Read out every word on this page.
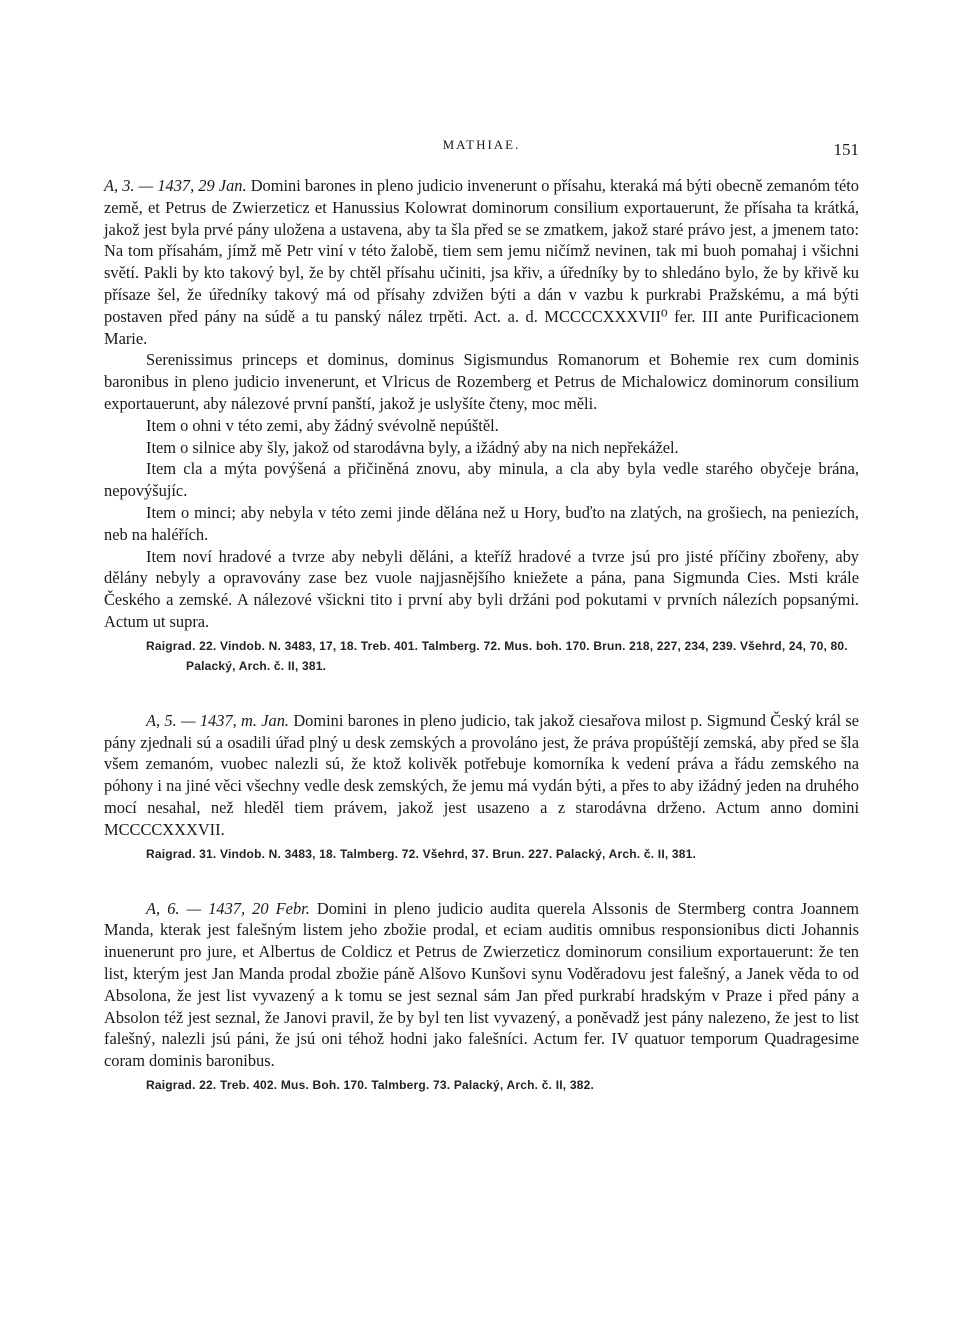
MATHIAE.	151

A, 3. — 1437, 29 Jan. Domini barones in pleno judicio invenerunt o přísahu, kteraká má býti obecně zemanóm této země, et Petrus de Zwierzeticz et Hanussius Kolowrat dominorum consilium exportauerunt, že přísaha ta krátká, jakož jest byla prvé pány uložena a ustavena, aby ta šla před se se zmatkem, jakož staré právo jest, a jmenem tato: Na tom přísahám, jímž mě Petr viní v této žalobě, tiem sem jemu ničímž nevinen, tak mi buoh pomahaj i všichni světí. Pakli by kto takový byl, že by chtěl přísahu učiniti, jsa křiv, a úředníky by to shledáno bylo, že by křivě ku přísaze šel, že úředníky takový má od přísahy zdvižen býti a dán v vazbu k purkrabi Pražskému, a má býti postaven před pány na súdě a tu panský nález trpěti. Act. a. d. MCCCCXXXVII⁰ fer. III ante Purificacionem Marie.

Serenissimus princeps et dominus, dominus Sigismundus Romanorum et Bohemie rex cum dominis baronibus in pleno judicio invenerunt, et Vlricus de Rozemberg et Petrus de Michalowicz dominorum consilium exportauerunt, aby nálezové první panští, jakož je uslyšíte čteny, moc měli.

Item o ohni v této zemi, aby žádný svévolně nepúštěl.

Item o silnice aby šly, jakož od starodávna byly, a ižádný aby na nich nepřekážel.

Item cla a mýta povýšená a přičiněná znovu, aby minula, a cla aby byla vedle starého obyčeje brána, nepovýšujíc.

Item o minci; aby nebyla v této zemi jinde dělána než u Hory, buďto na zlatých, na grošiech, na peniezích, neb na haléřích.

Item noví hradové a tvrze aby nebyli děláni, a kteříž hradové a tvrze jsú pro jisté příčiny zbořeny, aby dělány nebyly a opravovány zase bez vuole najjasnějšího kniežete a pána, pana Sigmunda Cies. Msti krále Českého a zemské. A nálezové všickni tito i první aby byli držáni pod pokutami v prvních nálezích popsanými. Actum ut supra.

Raigrad. 22. Vindob. N. 3483, 17, 18. Treb. 401. Talmberg. 72. Mus. boh. 170. Brun. 218, 227, 234, 239. Všehrd, 24, 70, 80. Palacký, Arch. č. II, 381.

A, 5. — 1437, m. Jan. Domini barones in pleno judicio, tak jakož ciesařova milost p. Sigmund Český král se pány zjednali sú a osadili úřad plný u desk zemských a provoláno jest, že práva propúštějí zemská, aby před se šla všem zemanóm, vuobec nalezli sú, že ktož kolivěk potřebuje komorníka k vedení práva a řádu zemského na póhony i na jiné věci všechny vedle desk zemských, že jemu má vydán býti, a přes to aby ižádný jeden na druhého mocí nesahal, než hleděl tiem právem, jakož jest usazeno a z starodávna drženo. Actum anno domini MCCCCXXXVII.

Raigrad. 31. Vindob. N. 3483, 18. Talmberg. 72. Všehrd, 37. Brun. 227. Palacký, Arch. č. II, 381.

A, 6. — 1437, 20 Febr. Domini in pleno judicio audita querela Alssonis de Stermberg contra Joannem Manda, kterak jest falešným listem jeho zbožie prodal, et eciam auditis omnibus responsionibus dicti Johannis inuenerunt pro jure, et Albertus de Coldicz et Petrus de Zwierzeticz dominorum consilium exportauerunt: že ten list, kterým jest Jan Manda prodal zbožie páně Alšovo Kunšovi synu Voděradovu jest falešný, a Janek věda to od Absolona, že jest list vyvazený a k tomu se jest seznal sám Jan před purkrabí hradským v Praze i před pány a Absolon též jest seznal, že Janovi pravil, že by byl ten list vyvazený, a poněvadž jest pány nalezeno, že jest to list falešný, nalezli jsú páni, že jsú oni téhož hodni jako falešníci. Actum fer. IV quatuor temporum Quadragesime coram dominis baronibus.

Raigrad. 22. Treb. 402. Mus. Boh. 170. Talmberg. 73. Palacký, Arch. č. II, 382.
